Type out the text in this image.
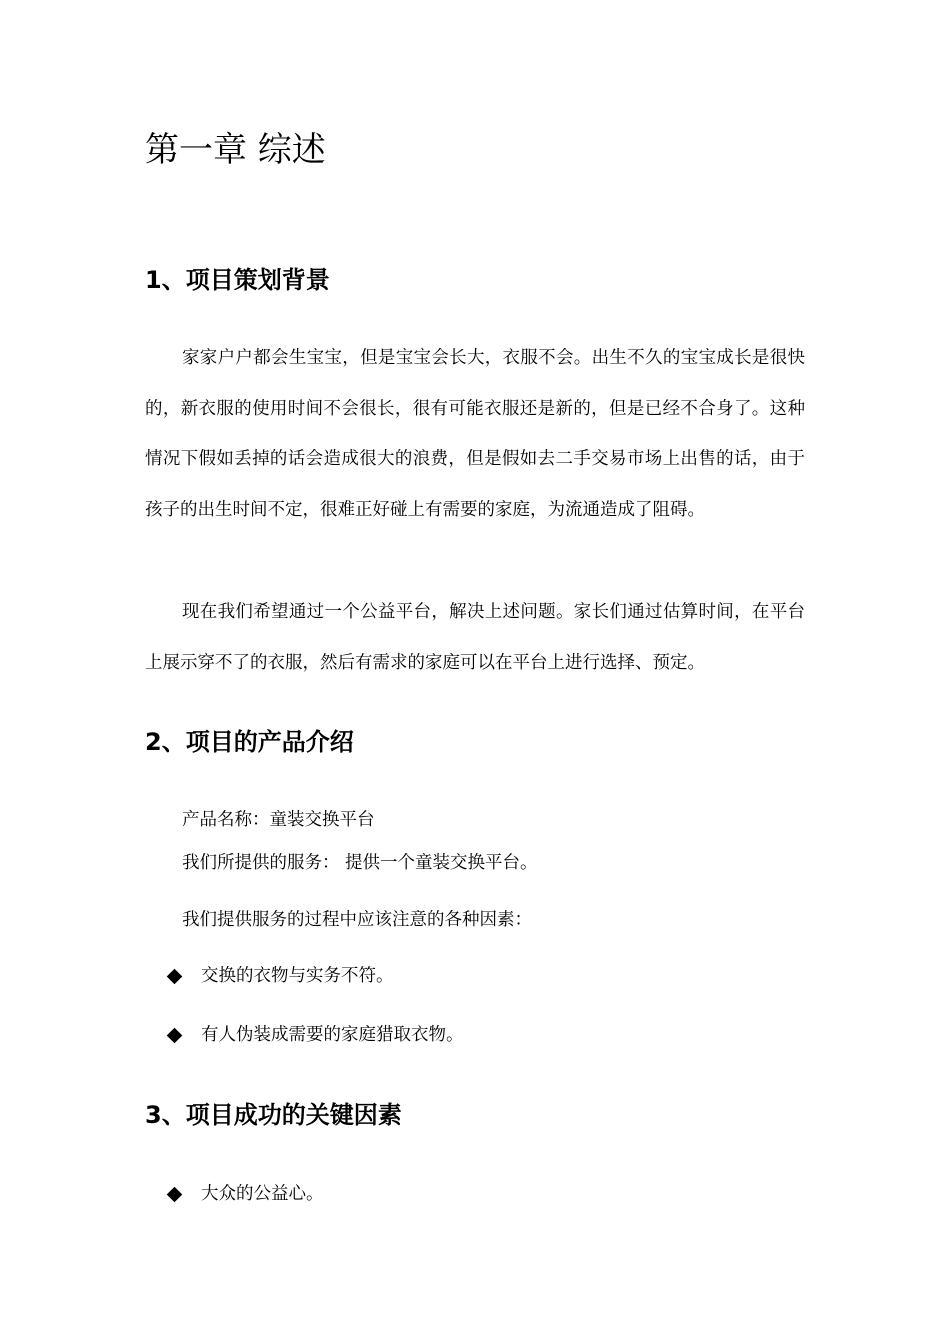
第一章 综述
1、项目策划背景

家家户户都会生宝宝，但是宝宝会长大，衣服不会。出生不久的宝宝成长是很快的，新衣服的使用时间不会很长，很有可能衣服还是新的，但是已经不合身了。这种情况下假如丢掉的话会造成很大的浪费，但是假如去二手交易市场上出售的话，由于孩子的出生时间不定，很难正好碰上有需要的家庭，为流通造成了阻碍。

现在我们希望通过一个公益平台，解决上述问题。家长们通过估算时间，在平台上展示穿不了的衣服，然后有需求的家庭可以在平台上进行选择、预定。

2、项目的产品介绍

产品名称：童装交换平台

我们所提供的服务： 提供一个童装交换平台。

我们提供服务的过程中应该注意的各种因素：

交换的衣物与实务不符。
有人伪装成需要的家庭猎取衣物。
3、项目成功的关键因素
大众的公益心。
